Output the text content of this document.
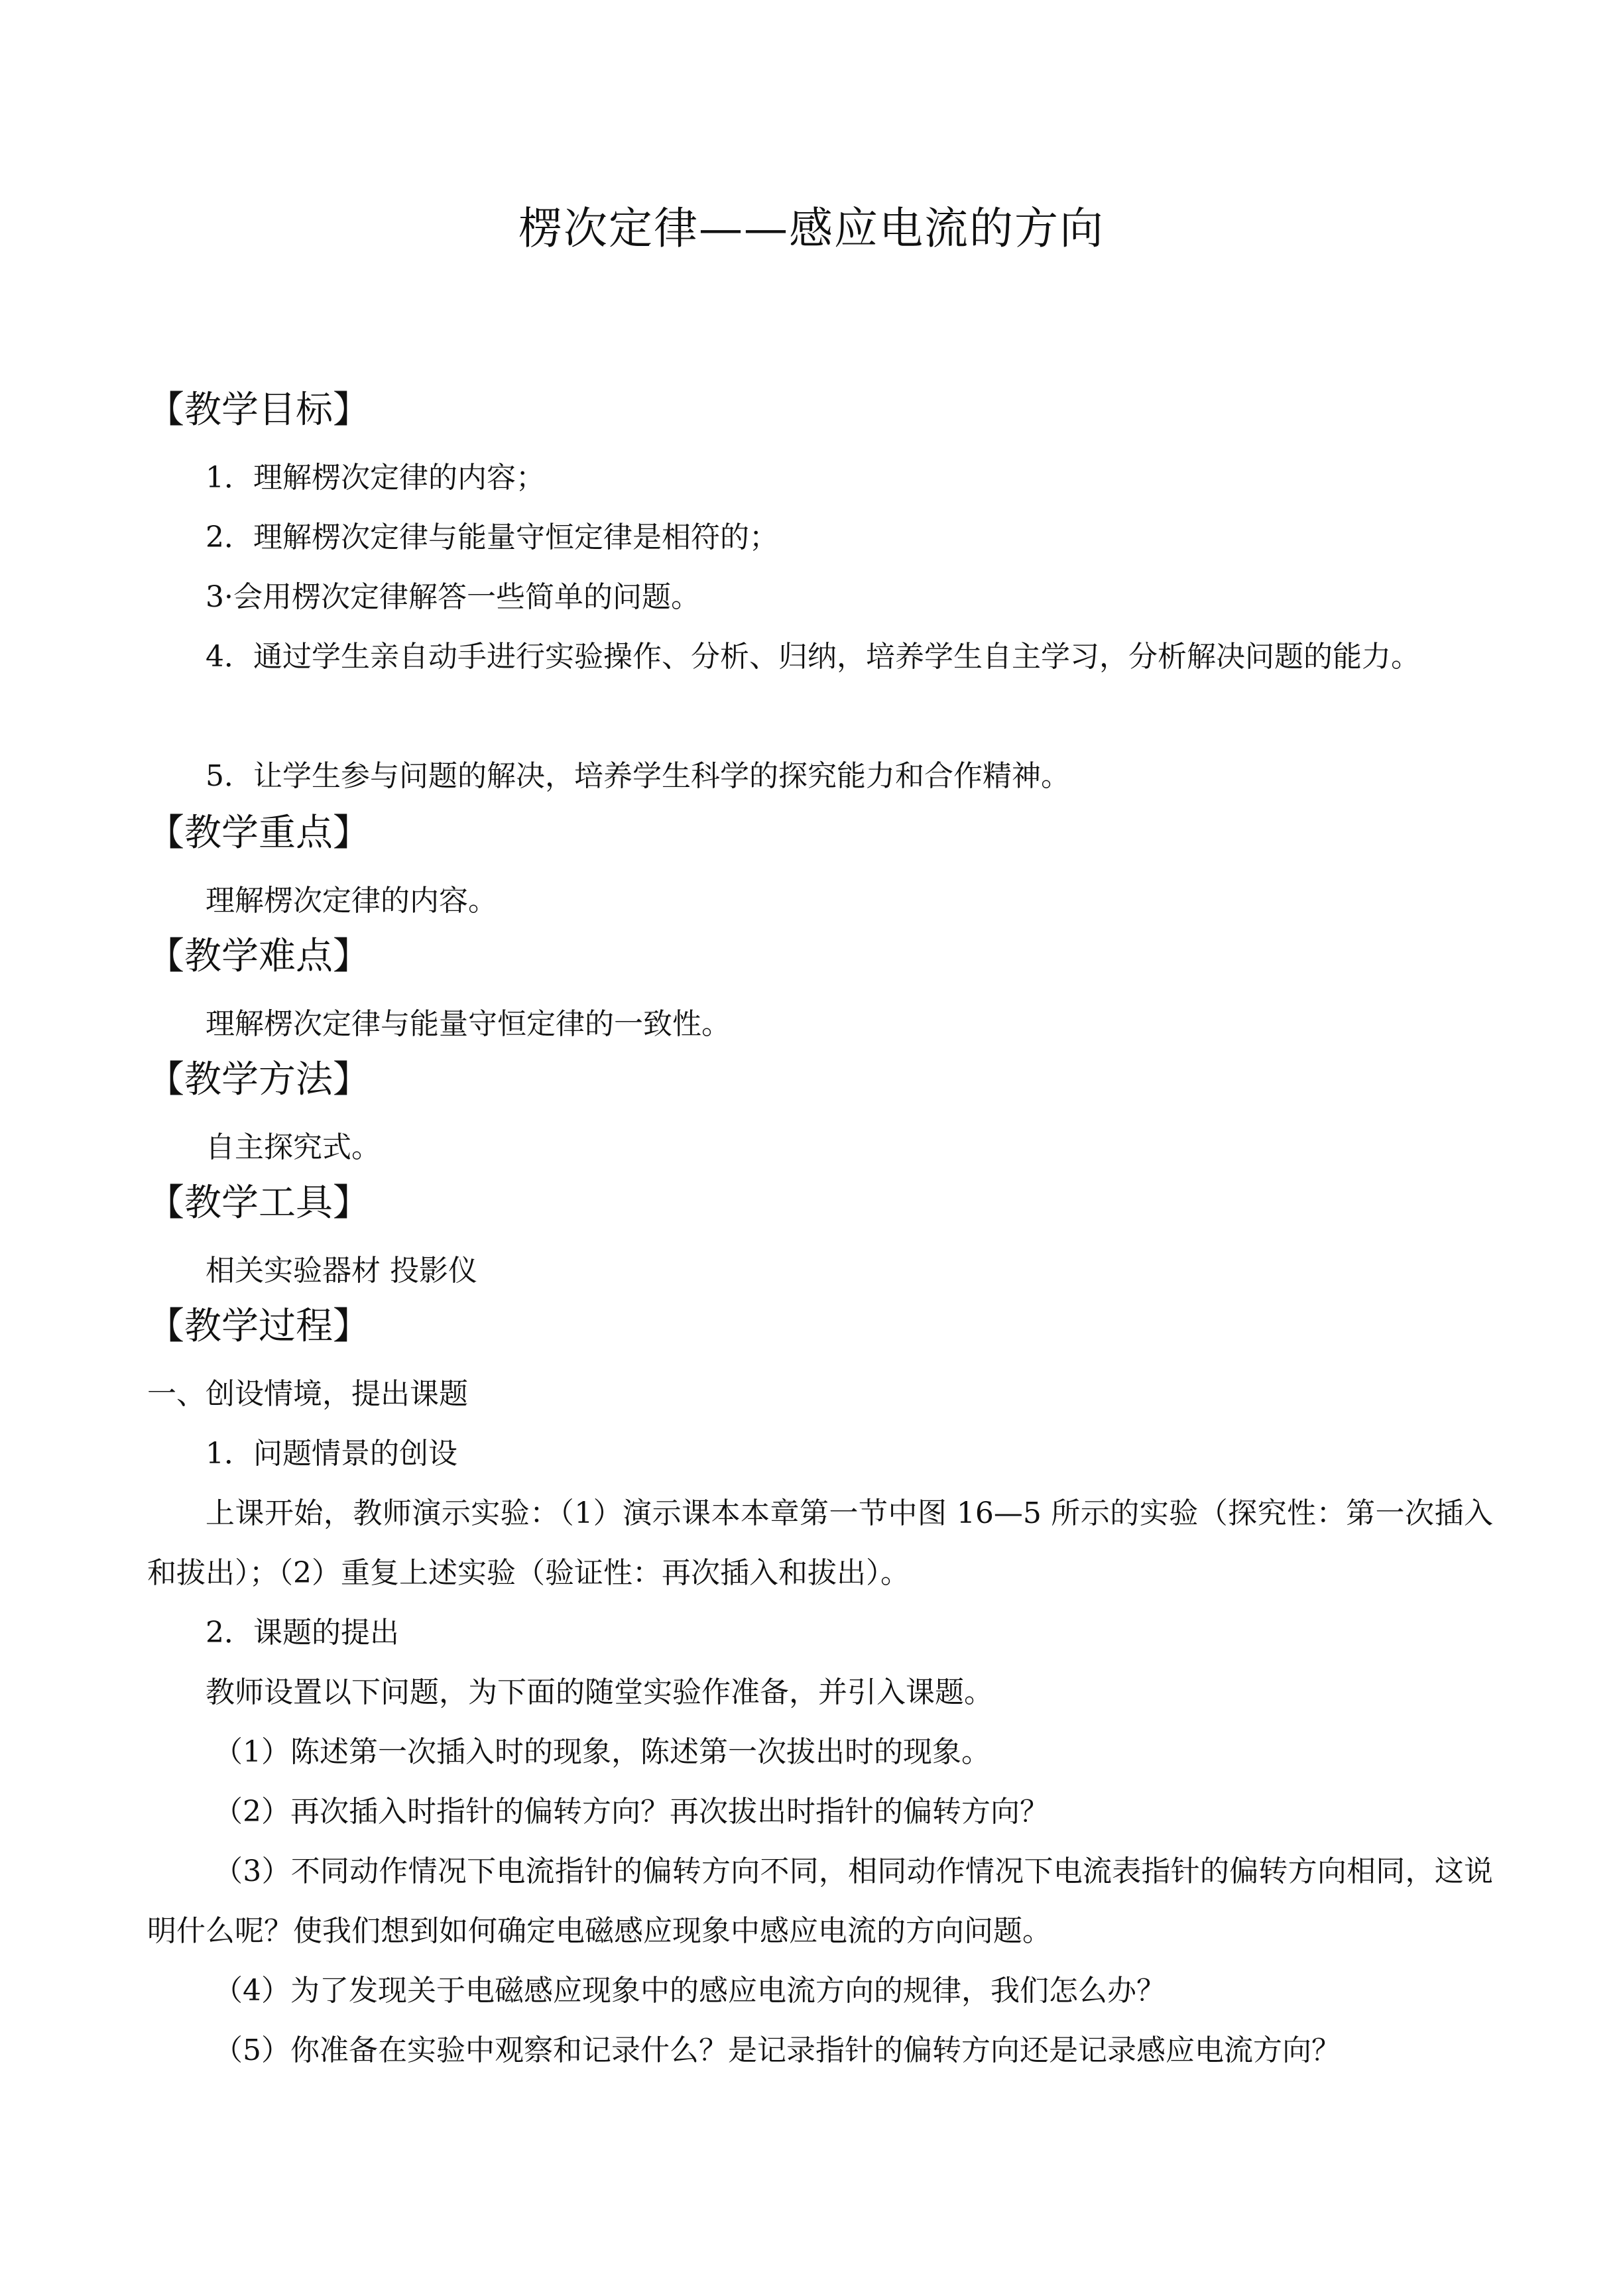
楞次定律——感应电流的方向
【教学目标】
1．理解楞次定律的内容；
2．理解楞次定律与能量守恒定律是相符的；
3·会用楞次定律解答一些简单的问题。
4．通过学生亲自动手进行实验操作、分析、归纳，培养学生自主学习，分析解决问题的能力。
5．让学生参与问题的解决，培养学生科学的探究能力和合作精神。
【教学重点】
理解楞次定律的内容。
【教学难点】
理解楞次定律与能量守恒定律的一致性。
【教学方法】
自主探究式。
【教学工具】
相关实验器材 投影仪
【教学过程】
一、创设情境，提出课题
1．问题情景的创设
上课开始，教师演示实验：（1）演示课本本章第一节中图 16—5 所示的实验（探究性：第一次插入和拔出）；（2）重复上述实验（验证性：再次插入和拔出）。
2．课题的提出
教师设置以下问题，为下面的随堂实验作准备，并引入课题。
（1）陈述第一次插入时的现象，陈述第一次拔出时的现象。
（2）再次插入时指针的偏转方向？再次拔出时指针的偏转方向？
（3）不同动作情况下电流指针的偏转方向不同，相同动作情况下电流表指针的偏转方向相同，这说明什么呢？使我们想到如何确定电磁感应现象中感应电流的方向问题。
（4）为了发现关于电磁感应现象中的感应电流方向的规律，我们怎么办？
（5）你准备在实验中观察和记录什么？是记录指针的偏转方向还是记录感应电流方向？
